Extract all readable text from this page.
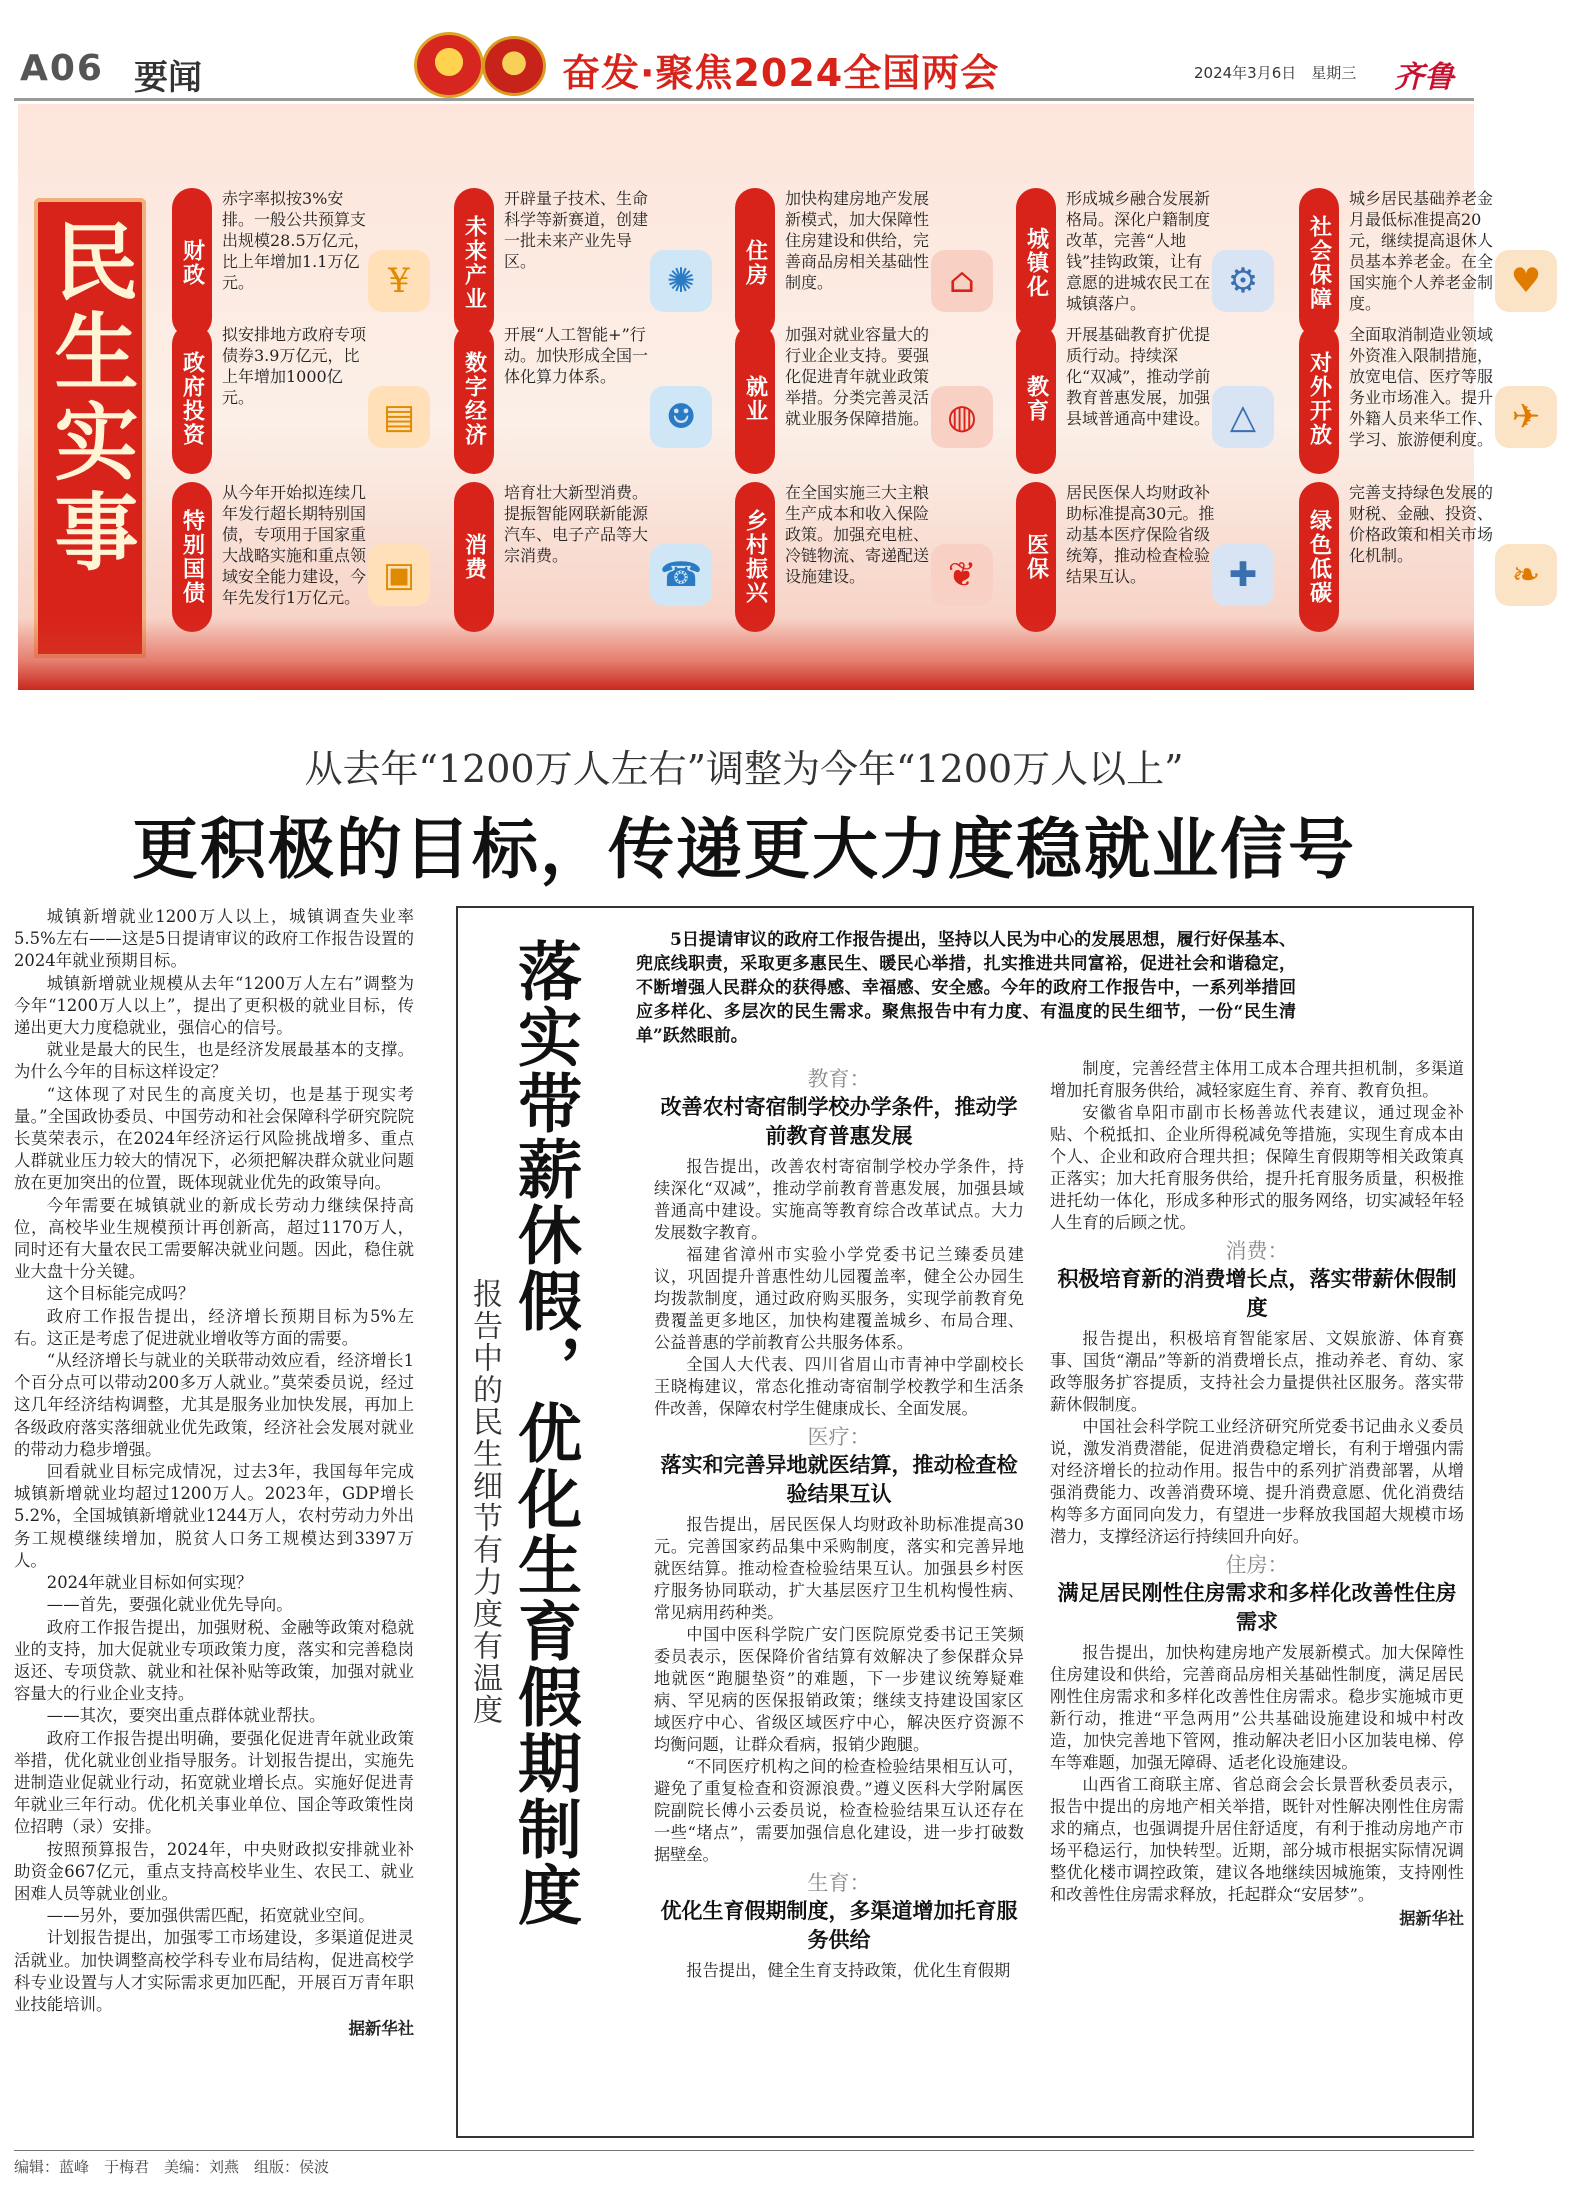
A06 要闻	奋发·聚焦2024全国两会	2024年3月6日　星期三 齐鲁
民生实事	财政
赤字率拟按3%安排。一般公共预算支出规模28.5万亿元，比上年增加1.1万亿元。	¥	未来产业
开辟量子技术、生命科学等新赛道，创建一批未来产业先导区。	✺	住房
加快构建房地产发展新模式，加大保障性住房建设和供给，完善商品房相关基础性制度。	⌂	城镇化
形成城乡融合发展新格局。深化户籍制度改革，完善“人地钱”挂钩政策，让有意愿的进城农民工在城镇落户。
⚙	社会保障
城乡居民基础养老金月最低标准提高20元，继续提高退休人员基本养老金。在全国实施个人养老金制度。
♥
政府投资
拟安排地方政府专项债券3.9万亿元，比上年增加1000亿元。	▤	数字经济
开展“人工智能+”行动。加快形成全国一体化算力体系。
☻	就业
加强对就业容量大的行业企业支持。要强化促进青年就业政策举措。分类完善灵活就业服务保障措施。 ◍	教育
开展基础教育扩优提质行动。持续深化“双减”，推动学前教育普惠发展，加强县域普通高中建设。 △	对外开放
全面取消制造业领域外资准入限制措施，放宽电信、医疗等服务业市场准入。提升外籍人员来华工作、学习、旅游便利度。
✈
特别国债
从今年开始拟连续几年发行超长期特别国债，专项用于国家重大战略实施和重点领域安全能力建设，今年先发行1万亿元。
▣	消费
培育壮大新型消费。提振智能网联新能源汽车、电子产品等大宗消费。	☎	乡村振兴
在全国实施三大主粮生产成本和收入保险政策。加强充电桩、冷链物流、寄递配送设施建设。	❦	医保
居民医保人均财政补助标准提高30元。推动基本医疗保险省级统筹，推动检查检验结果互认。	✚	绿色低碳
完善支持绿色发展的财税、金融、投资、价格政策和相关市场化机制。	❧
从去年“1200万人左右”调整为今年“1200万人以上”
更积极的目标，传递更大力度稳就业信号

城镇新增就业1200万人以上，城镇调查失业率5.5%左右——这是5日提请审议的政府工作报告设置的2024年就业预期目标。

城镇新增就业规模从去年“1200万人左右”调整为今年“1200万人以上”，提出了更积极的就业目标，传递出更大力度稳就业，强信心的信号。

就业是最大的民生，也是经济发展最基本的支撑。为什么今年的目标这样设定？

“这体现了对民生的高度关切，也是基于现实考量。”全国政协委员、中国劳动和社会保障科学研究院院长莫荣表示，在2024年经济运行风险挑战增多、重点人群就业压力较大的情况下，必须把解决群众就业问题放在更加突出的位置，既体现就业优先的政策导向。

今年需要在城镇就业的新成长劳动力继续保持高位，高校毕业生规模预计再创新高，超过1170万人，同时还有大量农民工需要解决就业问题。因此，稳住就业大盘十分关键。

这个目标能完成吗？

政府工作报告提出，经济增长预期目标为5%左右。这正是考虑了促进就业增收等方面的需要。

“从经济增长与就业的关联带动效应看，经济增长1个百分点可以带动200多万人就业。”莫荣委员说，经过这几年经济结构调整，尤其是服务业加快发展，再加上各级政府落实落细就业优先政策，经济社会发展对就业的带动力稳步增强。

回看就业目标完成情况，过去3年，我国每年完成城镇新增就业均超过1200万人。2023年，GDP增长5.2%，全国城镇新增就业1244万人，农村劳动力外出务工规模继续增加，脱贫人口务工规模达到3397万人。

2024年就业目标如何实现？

——首先，要强化就业优先导向。

政府工作报告提出，加强财税、金融等政策对稳就业的支持，加大促就业专项政策力度，落实和完善稳岗返还、专项贷款、就业和社保补贴等政策，加强对就业容量大的行业企业支持。

——其次，要突出重点群体就业帮扶。

政府工作报告提出明确，要强化促进青年就业政策举措，优化就业创业指导服务。计划报告提出，实施先进制造业促就业行动，拓宽就业增长点。实施好促进青年就业三年行动。优化机关事业单位、国企等政策性岗位招聘（录）安排。

按照预算报告，2024年，中央财政拟安排就业补助资金667亿元，重点支持高校毕业生、农民工、就业困难人员等就业创业。

——另外，要加强供需匹配，拓宽就业空间。

计划报告提出，加强零工市场建设，多渠道促进灵活就业。加快调整高校学科专业布局结构，促进高校学科专业设置与人才实际需求更加匹配，开展百万青年职业技能培训。

据新华社
落实带薪休假，优化生育假期制度
报告中的民生细节有力度有温度
5日提请审议的政府工作报告提出，坚持以人民为中心的发展思想，履行好保基本、兜底线职责，采取更多惠民生、暖民心举措，扎实推进共同富裕，促进社会和谐稳定，不断增强人民群众的获得感、幸福感、安全感。今年的政府工作报告中，一系列举措回应多样化、多层次的民生需求。聚焦报告中有力度、有温度的民生细节，一份“民生清单”跃然眼前。
教育：
改善农村寄宿制学校办学条件，推动学前教育普惠发展

报告提出，改善农村寄宿制学校办学条件，持续深化“双减”，推动学前教育普惠发展，加强县域普通高中建设。实施高等教育综合改革试点。大力发展数字教育。

福建省漳州市实验小学党委书记兰臻委员建议，巩固提升普惠性幼儿园覆盖率，健全公办园生均拨款制度，通过政府购买服务，实现学前教育免费覆盖更多地区，加快构建覆盖城乡、布局合理、公益普惠的学前教育公共服务体系。

全国人大代表、四川省眉山市青神中学副校长王晓梅建议，常态化推动寄宿制学校教学和生活条件改善，保障农村学生健康成长、全面发展。

医疗：
落实和完善异地就医结算，推动检查检验结果互认

报告提出，居民医保人均财政补助标准提高30元。完善国家药品集中采购制度，落实和完善异地就医结算。推动检查检验结果互认。加强县乡村医疗服务协同联动，扩大基层医疗卫生机构慢性病、常见病用药种类。

中国中医科学院广安门医院原党委书记王笑频委员表示，医保降价省结算有效解决了参保群众异地就医“跑腿垫资”的难题，下一步建议统筹疑难病、罕见病的医保报销政策；继续支持建设国家区域医疗中心、省级区域医疗中心，解决医疗资源不均衡问题，让群众看病，报销少跑腿。

“不同医疗机构之间的检查检验结果相互认可，避免了重复检查和资源浪费。”遵义医科大学附属医院副院长傅小云委员说，检查检验结果互认还存在一些“堵点”，需要加强信息化建设，进一步打破数据壁垒。

生育：
优化生育假期制度，多渠道增加托育服务供给

报告提出，健全生育支持政策，优化生育假期

制度，完善经营主体用工成本合理共担机制，多渠道增加托育服务供给，减轻家庭生育、养育、教育负担。

安徽省阜阳市副市长杨善竑代表建议，通过现金补贴、个税抵扣、企业所得税减免等措施，实现生育成本由个人、企业和政府合理共担；保障生育假期等相关政策真正落实；加大托育服务供给，提升托育服务质量，积极推进托幼一体化，形成多种形式的服务网络，切实减轻年轻人生育的后顾之忧。

消费：
积极培育新的消费增长点，落实带薪休假制度

报告提出，积极培育智能家居、文娱旅游、体育赛事、国货“潮品”等新的消费增长点，推动养老、育幼、家政等服务扩容提质，支持社会力量提供社区服务。落实带薪休假制度。

中国社会科学院工业经济研究所党委书记曲永义委员说，激发消费潜能，促进消费稳定增长，有利于增强内需对经济增长的拉动作用。报告中的系列扩消费部署，从增强消费能力、改善消费环境、提升消费意愿、优化消费结构等多方面同向发力，有望进一步释放我国超大规模市场潜力，支撑经济运行持续回升向好。

住房：
满足居民刚性住房需求和多样化改善性住房需求

报告提出，加快构建房地产发展新模式。加大保障性住房建设和供给，完善商品房相关基础性制度，满足居民刚性住房需求和多样化改善性住房需求。稳步实施城市更新行动，推进“平急两用”公共基础设施建设和城中村改造，加快完善地下管网，推动解决老旧小区加装电梯、停车等难题，加强无障碍、适老化设施建设。

山西省工商联主席、省总商会会长景晋秋委员表示，报告中提出的房地产相关举措，既针对性解决刚性住房需求的痛点，也强调提升居住舒适度，有利于推动房地产市场平稳运行，加快转型。近期，部分城市根据实际情况调整优化楼市调控政策，建议各地继续因城施策，支持刚性和改善性住房需求释放，托起群众“安居梦”。

据新华社
编辑：蓝峰　于梅君　美编：刘燕　组版：侯波
